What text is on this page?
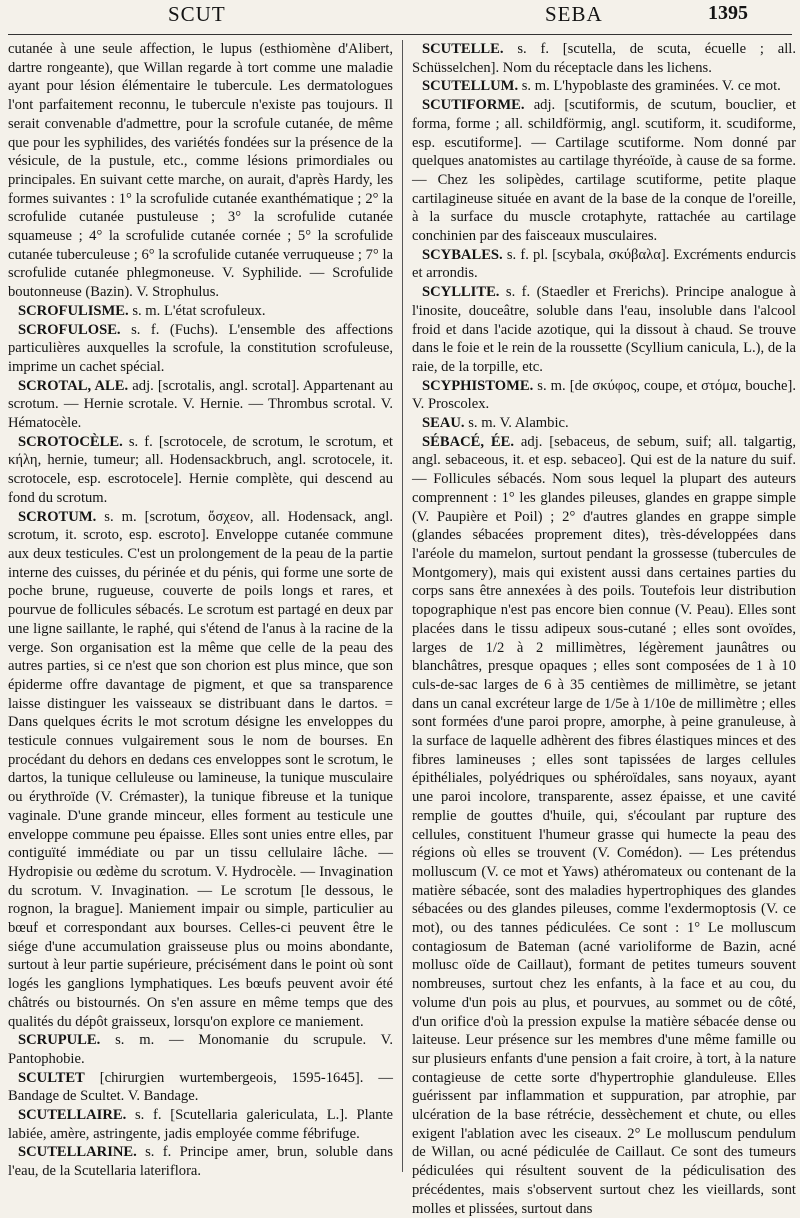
SCUT	SEBA	1395

cutanée à une seule affection, le lupus (esthiomène d'Alibert, dartre rongeante), que Willan regarde à tort comme une maladie ayant pour lésion élémentaire le tubercule. Les dermatologues l'ont parfaitement reconnu, le tubercule n'existe pas toujours. Il serait convenable d'admettre, pour la scrofule cutanée, de même que pour les syphilides, des variétés fondées sur la présence de la vésicule, de la pustule, etc., comme lésions primordiales ou principales. En suivant cette marche, on aurait, d'après Hardy, les formes suivantes : 1° la scrofulide cutanée exanthématique ; 2° la scrofulide cutanée pustuleuse ; 3° la scrofulide cutanée squameuse ; 4° la scrofulide cutanée cornée ; 5° la scrofulide cutanée tuberculeuse ; 6° la scrofulide cutanée verruqueuse ; 7° la scrofulide cutanée phlegmoneuse. V. Syphilide. — Scrofulide boutonneuse (Bazin). V. Strophulus.

SCROFULISME. s. m. L'état scrofuleux.

SCROFULOSE. s. f. (Fuchs). L'ensemble des affections particulières auxquelles la scrofule, la constitution scrofuleuse, imprime un cachet spécial.

SCROTAL, ALE. adj. [scrotalis, angl. scrotal]. Appartenant au scrotum. — Hernie scrotale. V. Hernie. — Thrombus scrotal. V. Hématocèle.

SCROTOCÈLE. s. f. [scrotocele, de scrotum, le scrotum, et κήλη, hernie, tumeur; all. Hodensackbruch, angl. scrotocele, it. scrotocele, esp. escrotocele]. Hernie complète, qui descend au fond du scrotum.

SCROTUM. s. m. [scrotum, ὄσχεον, all. Hodensack, angl. scrotum, it. scroto, esp. escroto]. Enveloppe cutanée commune aux deux testicules. C'est un prolongement de la peau de la partie interne des cuisses, du périnée et du pénis, qui forme une sorte de poche brune, rugueuse, couverte de poils longs et rares, et pourvue de follicules sébacés. Le scrotum est partagé en deux par une ligne saillante, le raphé, qui s'étend de l'anus à la racine de la verge. Son organisation est la même que celle de la peau des autres parties, si ce n'est que son chorion est plus mince, que son épiderme offre davantage de pigment, et que sa transparence laisse distinguer les vaisseaux se distribuant dans le dartos. = Dans quelques écrits le mot scrotum désigne les enveloppes du testicule connues vulgairement sous le nom de bourses. En procédant du dehors en dedans ces enveloppes sont le scrotum, le dartos, la tunique celluleuse ou lamineuse, la tunique musculaire ou érythroïde (V. Crémaster), la tunique fibreuse et la tunique vaginale. D'une grande minceur, elles forment au testicule une enveloppe commune peu épaisse. Elles sont unies entre elles, par contiguïté immédiate ou par un tissu cellulaire lâche. — Hydropisie ou œdème du scrotum. V. Hydrocèle. — Invagination du scrotum. V. Invagination. — Le scrotum [le dessous, le rognon, la brague]. Maniement impair ou simple, particulier au bœuf et correspondant aux bourses. Celles-ci peuvent être le siége d'une accumulation graisseuse plus ou moins abondante, surtout à leur partie supérieure, précisément dans le point où sont logés les ganglions lymphatiques. Les bœufs peuvent avoir été châtrés ou bistournés. On s'en assure en même temps que des qualités du dépôt graisseux, lorsqu'on explore ce maniement.

SCRUPULE. s. m. — Monomanie du scrupule. V. Pantophobie.

SCULTET [chirurgien wurtembergeois, 1595-1645]. — Bandage de Scultet. V. Bandage.

SCUTELLAIRE. s. f. [Scutellaria galericulata, L.]. Plante labiée, amère, astringente, jadis employée comme fébrifuge.

SCUTELLARINE. s. f. Principe amer, brun, soluble dans l'eau, de la Scutellaria lateriflora.

SCUTELLE. s. f. [scutella, de scuta, écuelle ; all. Schüsselchen]. Nom du réceptacle dans les lichens.

SCUTELLUM. s. m. L'hypoblaste des graminées. V. ce mot.

SCUTIFORME. adj. [scutiformis, de scutum, bouclier, et forma, forme ; all. schildförmig, angl. scutiform, it. scudiforme, esp. escutiforme]. — Cartilage scutiforme. Nom donné par quelques anatomistes au cartilage thyréoïde, à cause de sa forme. — Chez les solipèdes, cartilage scutiforme, petite plaque cartilagineuse située en avant de la base de la conque de l'oreille, à la surface du muscle crotaphyte, rattachée au cartilage conchinien par des faisceaux musculaires.

SCYBALES. s. f. pl. [scybala, σκύβαλα]. Excréments endurcis et arrondis.

SCYLLITE. s. f. (Staedler et Frerichs). Principe analogue à l'inosite, douceâtre, soluble dans l'eau, insoluble dans l'alcool froid et dans l'acide azotique, qui la dissout à chaud. Se trouve dans le foie et le rein de la roussette (Scyllium canicula, L.), de la raie, de la torpille, etc.

SCYPHISTOME. s. m. [de σκύφος, coupe, et στόμα, bouche]. V. Proscolex.

SEAU. s. m. V. Alambic.

SÉBACÉ, ÉE. adj. [sebaceus, de sebum, suif; all. talgartig, angl. sebaceous, it. et esp. sebaceo]. Qui est de la nature du suif. — Follicules sébacés. Nom sous lequel la plupart des auteurs comprennent : 1° les glandes pileuses, glandes en grappe simple (V. Paupière et Poil) ; 2° d'autres glandes en grappe simple (glandes sébacées proprement dites), très-développées dans l'aréole du mamelon, surtout pendant la grossesse (tubercules de Montgomery), mais qui existent aussi dans certaines parties du corps sans être annexées à des poils. Toutefois leur distribution topographique n'est pas encore bien connue (V. Peau). Elles sont placées dans le tissu adipeux sous-cutané ; elles sont ovoïdes, larges de 1/2 à 2 millimètres, légèrement jaunâtres ou blanchâtres, presque opaques ; elles sont composées de 1 à 10 culs-de-sac larges de 6 à 35 centièmes de millimètre, se jetant dans un canal excréteur large de 1/5e à 1/10e de millimètre ; elles sont formées d'une paroi propre, amorphe, à peine granuleuse, à la surface de laquelle adhèrent des fibres élastiques minces et des fibres lamineuses ; elles sont tapissées de larges cellules épithéliales, polyédriques ou sphéroïdales, sans noyaux, ayant une paroi incolore, transparente, assez épaisse, et une cavité remplie de gouttes d'huile, qui, s'écoulant par rupture des cellules, constituent l'humeur grasse qui humecte la peau des régions où elles se trouvent (V. Comédon). — Les prétendus molluscum (V. ce mot et Yaws) athéromateux ou contenant de la matière sébacée, sont des maladies hypertrophiques des glandes sébacées ou des glandes pileuses, comme l'exdermoptosis (V. ce mot), ou des tannes pédiculées. Ce sont : 1° Le molluscum contagiosum de Bateman (acné varioliforme de Bazin, acné mollusc oïde de Caillaut), formant de petites tumeurs souvent nombreuses, surtout chez les enfants, à la face et au cou, du volume d'un pois au plus, et pourvues, au sommet ou de côté, d'un orifice d'où la pression expulse la matière sébacée dense ou laiteuse. Leur présence sur les membres d'une même famille ou sur plusieurs enfants d'une pension a fait croire, à tort, à la nature contagieuse de cette sorte d'hypertrophie glanduleuse. Elles guérissent par inflammation et suppuration, par atrophie, par ulcération de la base rétrécie, dessèchement et chute, ou elles exigent l'ablation avec les ciseaux. 2° Le molluscum pendulum de Willan, ou acné pédiculée de Caillaut. Ce sont des tumeurs pédiculées qui résultent souvent de la pédiculisation des précédentes, mais s'observent surtout chez les vieillards, sont molles et plissées, surtout dans
